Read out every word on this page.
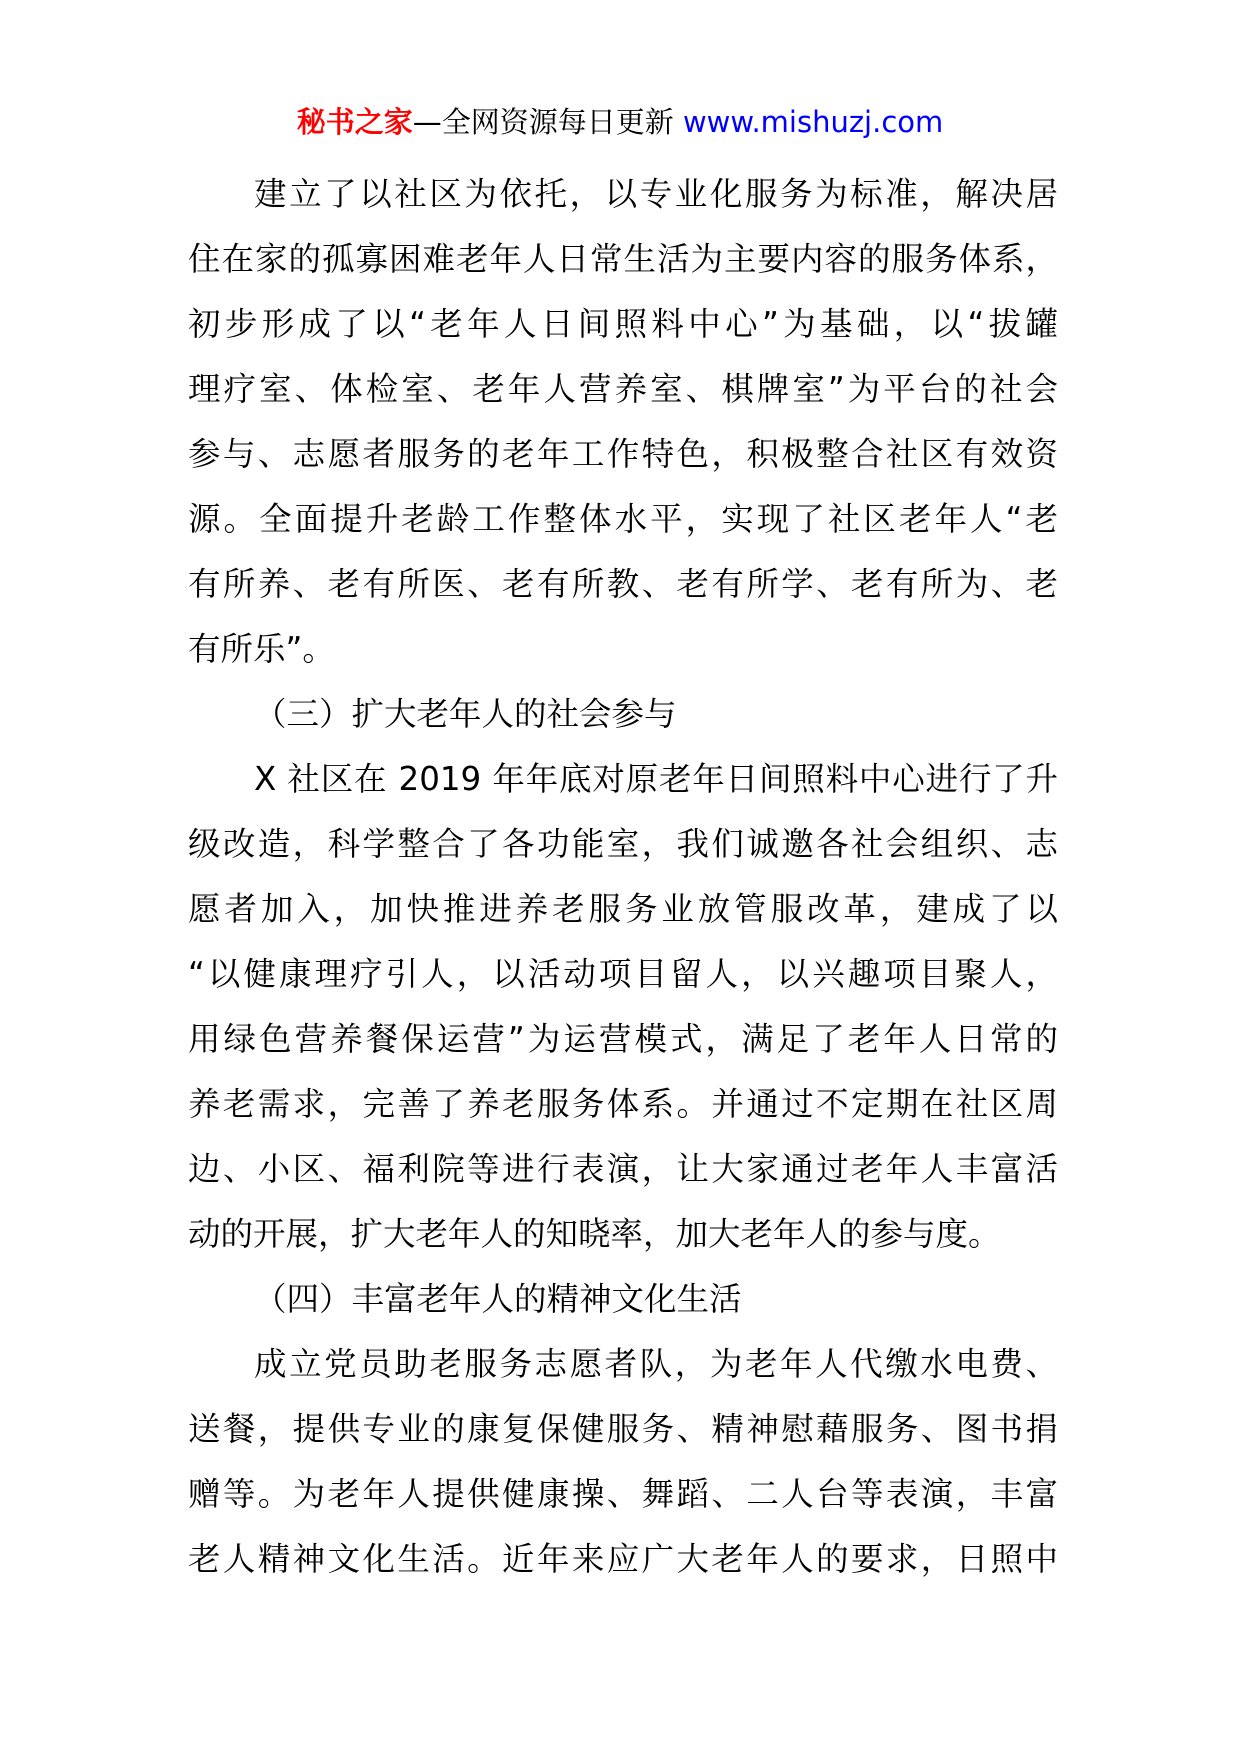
秘书之家—全网资源每日更新 www.mishuzj.com
建立了以社区为依托，以专业化服务为标准，解决居
住在家的孤寡困难老年人日常生活为主要内容的服务体系，
初步形成了以“老年人日间照料中心”为基础，以“拔罐
理疗室、体检室、老年人营养室、棋牌室”为平台的社会
参与、志愿者服务的老年工作特色，积极整合社区有效资
源。全面提升老龄工作整体水平，实现了社区老年人“老
有所养、老有所医、老有所教、老有所学、老有所为、老
有所乐”。
（三）扩大老年人的社会参与
X 社区在 2019 年年底对原老年日间照料中心进行了升
级改造，科学整合了各功能室，我们诚邀各社会组织、志
愿者加入，加快推进养老服务业放管服改革，建成了以
“以健康理疗引人，以活动项目留人，以兴趣项目聚人，
用绿色营养餐保运营”为运营模式，满足了老年人日常的
养老需求，完善了养老服务体系。并通过不定期在社区周
边、小区、福利院等进行表演，让大家通过老年人丰富活
动的开展，扩大老年人的知晓率，加大老年人的参与度。
（四）丰富老年人的精神文化生活
成立党员助老服务志愿者队，为老年人代缴水电费、
送餐，提供专业的康复保健服务、精神慰藉服务、图书捐
赠等。为老年人提供健康操、舞蹈、二人台等表演，丰富
老人精神文化生活。近年来应广大老年人的要求，日照中
